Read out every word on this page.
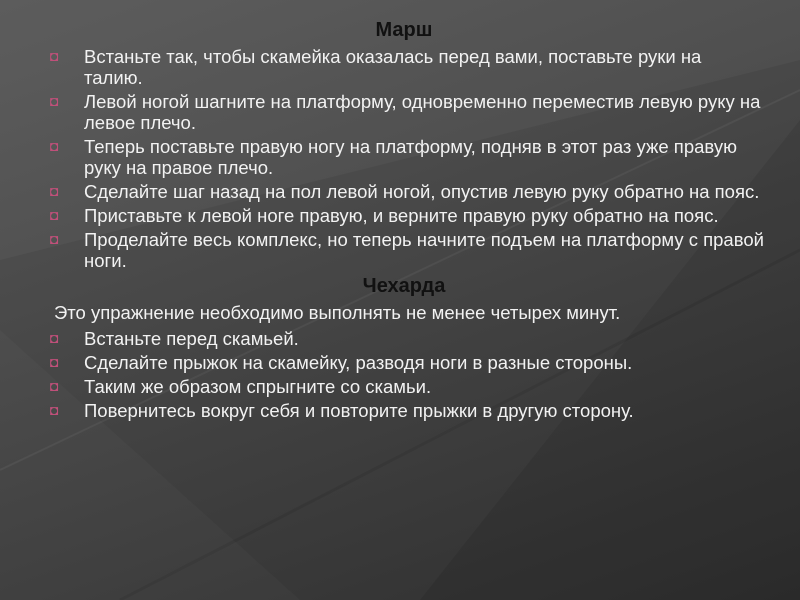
Марш
◘ Встаньте так, чтобы скамейка оказалась перед вами, поставьте руки на талию.
◘ Левой ногой шагните на платформу, одновременно переместив левую руку на левое плечо.
◘ Теперь поставьте правую ногу на платформу, подняв в этот раз уже правую руку на правое плечо.
◘ Сделайте шаг назад на пол левой ногой, опустив левую руку обратно на пояс.
◘ Приставьте к левой ноге правую, и верните правую руку обратно на пояс.
◘ Проделайте весь комплекс, но теперь начните подъем на платформу с правой ноги.
Чехарда
Это упражнение необходимо выполнять не менее четырех минут.
◘ Встаньте перед скамьей.
◘ Сделайте прыжок на скамейку, разводя ноги в разные стороны.
◘ Таким же образом спрыгните со скамьи.
◘ Повернитесь вокруг себя и повторите прыжки в другую сторону.
